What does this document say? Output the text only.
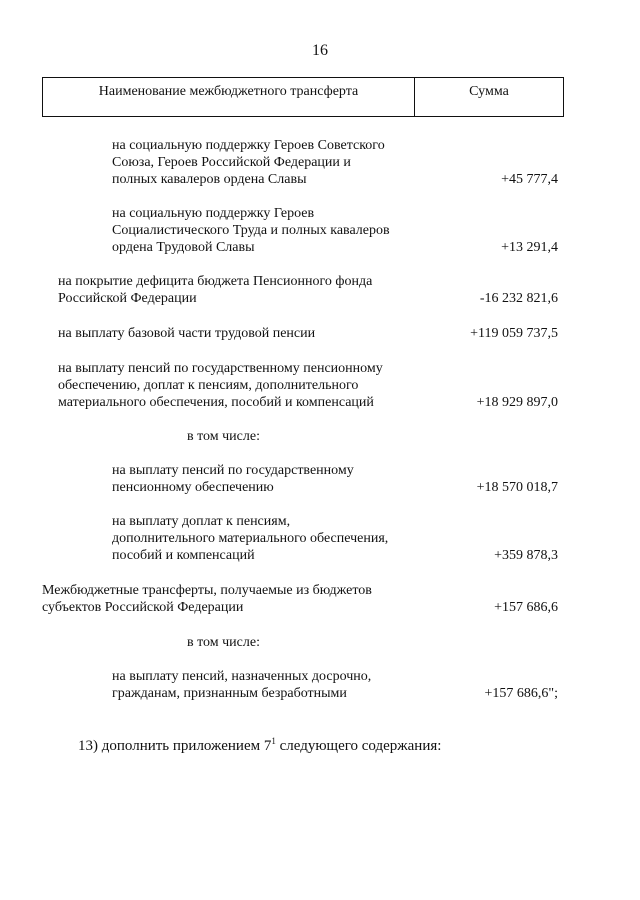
16
Наименование межбюджетного трансферта	Сумма
на социальную поддержку Героев Советского
Союза, Героев Российской Федерации и
полных кавалеров ордена Славы	+45 777,4
на социальную поддержку Героев
Социалистического Труда и полных кавалеров
ордена Трудовой Славы	+13 291,4
на покрытие дефицита бюджета Пенсионного фонда
Российской Федерации	-16 232 821,6
на выплату базовой части трудовой пенсии	+119 059 737,5
на выплату пенсий по государственному пенсионному
обеспечению, доплат к пенсиям, дополнительного
материального обеспечения, пособий и компенсаций	+18 929 897,0
в том числе:
на выплату пенсий по государственному
пенсионному обеспечению	+18 570 018,7
на выплату доплат к пенсиям,
дополнительного материального обеспечения,
пособий и компенсаций	+359 878,3
Межбюджетные трансферты, получаемые из бюджетов
субъектов Российской Федерации	+157 686,6
в том числе:
на выплату пенсий, назначенных досрочно,
гражданам, признанным безработными	+157 686,6";
13) дополнить приложением $7^1$ следующего содержания:
